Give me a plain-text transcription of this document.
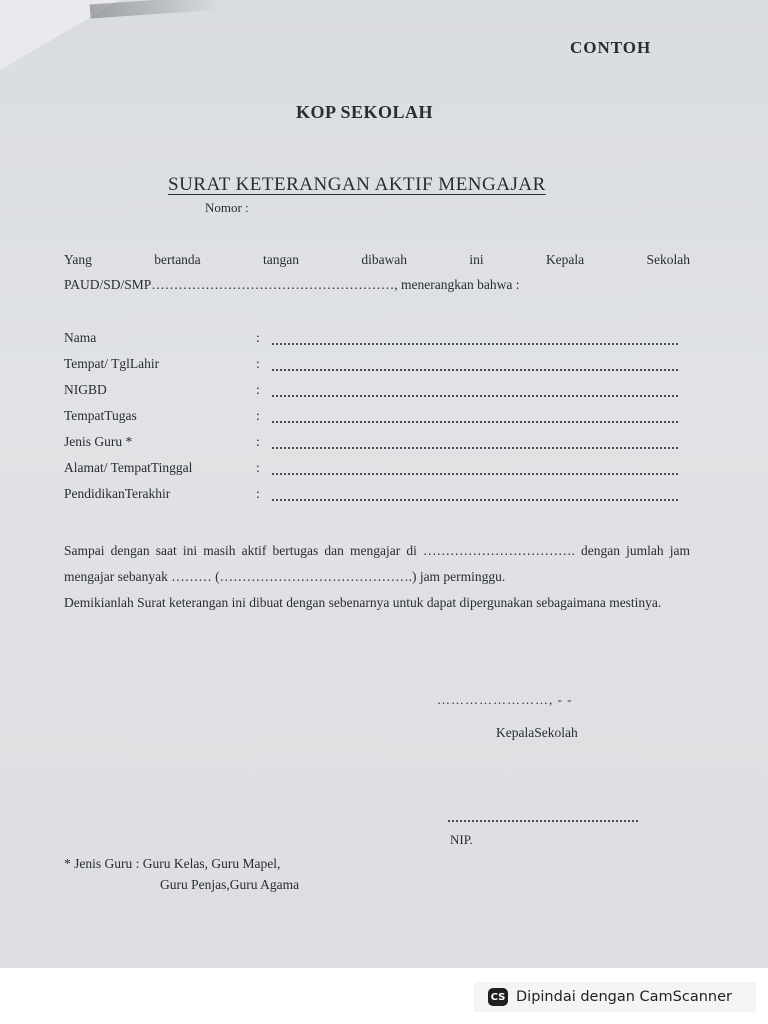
CONTOH
KOP SEKOLAH
SURAT KETERANGAN AKTIF MENGAJAR
Nomor :
Yang	bertanda	tangan	dibawah	ini	Kepala	Sekolah
PAUD/SD/SMP………………………………………………, menerangkan bahwa :
Nama	:
Tempat/ TglLahir	:
NIGBD	:
TempatTugas	:
Jenis Guru *	:
Alamat/ TempatTinggal	:
PendidikanTerakhir	:

Sampai dengan saat ini masih aktif bertugas dan mengajar di ……………………………. dengan jumlah jam mengajar sebanyak ……… (…………………………………….) jam perminggu.

Demikianlah Surat keterangan ini dibuat dengan sebenarnya untuk dapat dipergunakan sebagaimana mestinya.

……………………, ‑ ‑
KepalaSekolah
NIP.
* Jenis Guru : Guru Kelas, Guru Mapel,
Guru Penjas,Guru Agama
CS Dipindai dengan CamScanner
